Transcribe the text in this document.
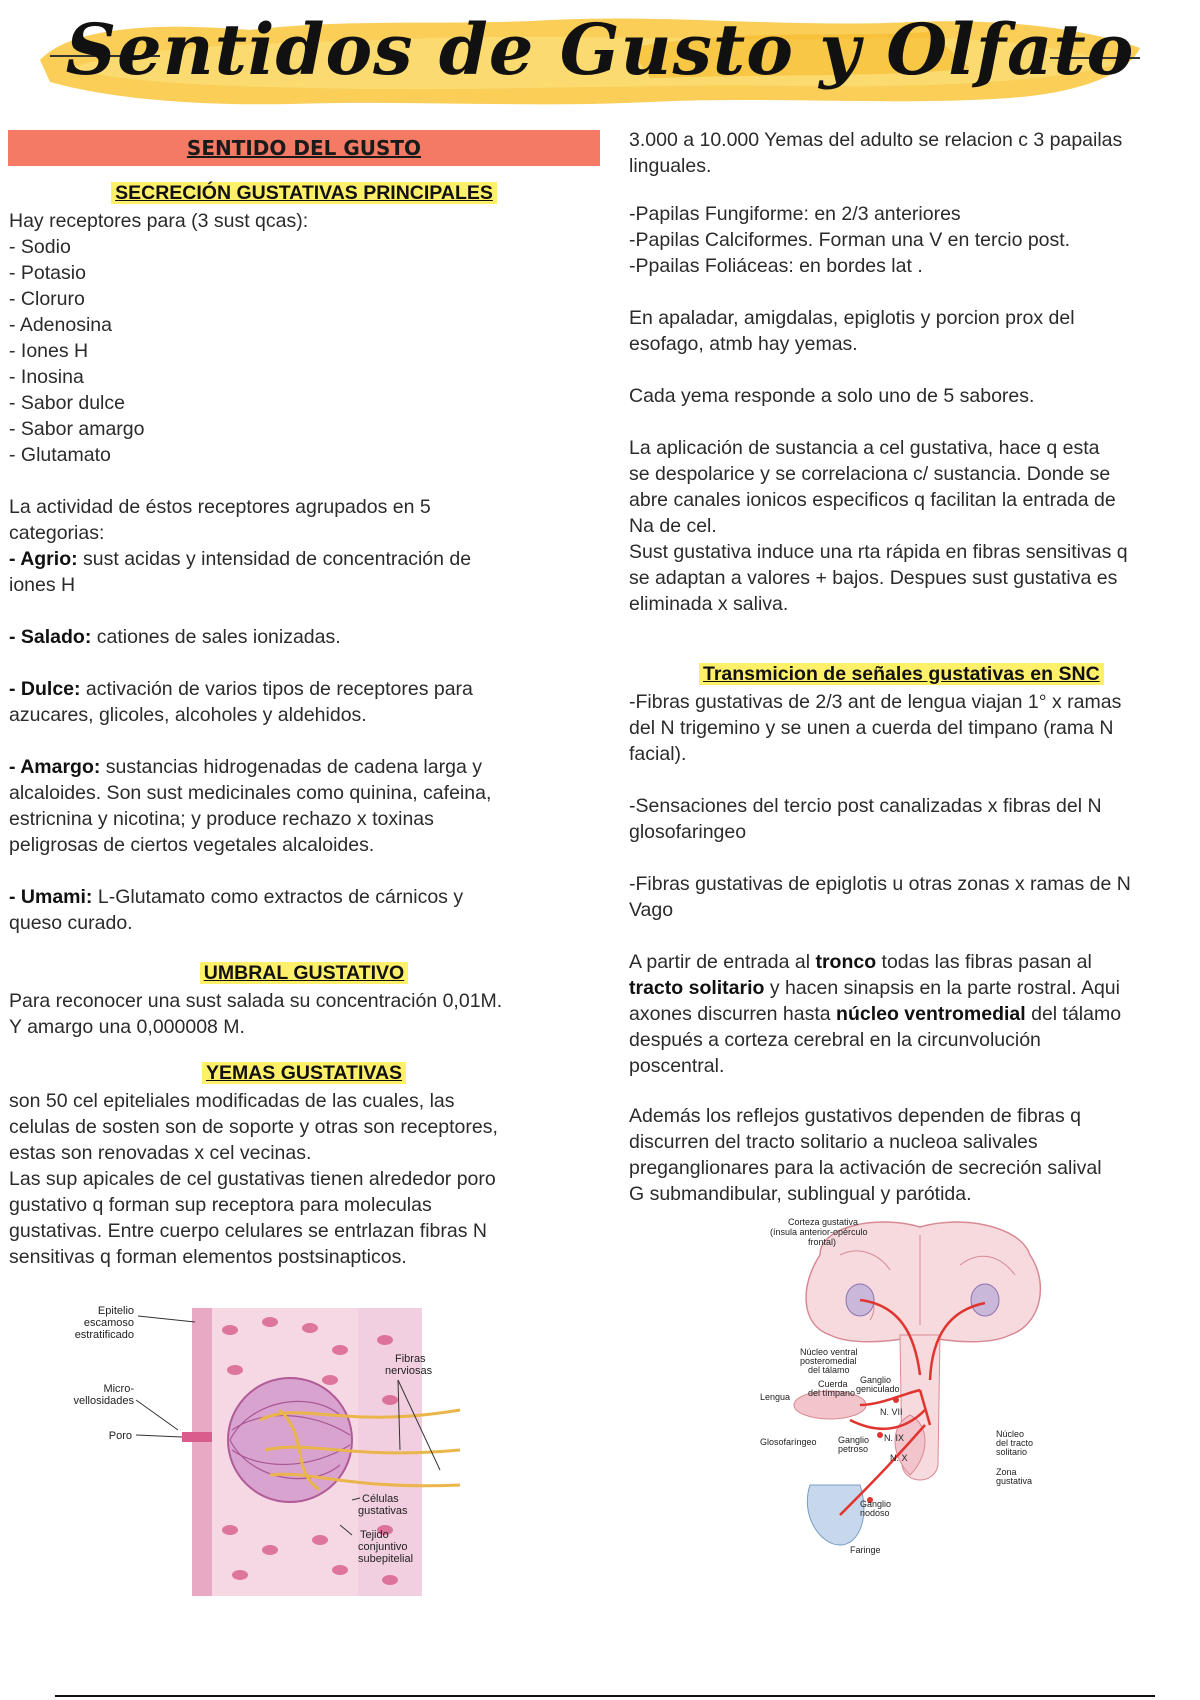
Sentidos de Gusto y Olfato
SENTIDO DEL GUSTO
SECRECIÓN GUSTATIVAS PRINCIPALES

Hay receptores para (3 sust qcas):

- Sodio

- Potasio

- Cloruro

- Adenosina

- Iones H

- Inosina

- Sabor dulce

- Sabor amargo

- Glutamato

La actividad de éstos receptores agrupados en 5

categorias:

- Agrio: sust acidas y intensidad de concentración de

iones H

- Salado: cationes de sales ionizadas.

- Dulce: activación de varios tipos de receptores para

azucares, glicoles, alcoholes y aldehidos.

- Amargo: sustancias hidrogenadas de cadena larga y

alcaloides. Son sust medicinales como quinina, cafeina,

estricnina y nicotina; y produce rechazo x toxinas

peligrosas de ciertos vegetales alcaloides.

- Umami: L-Glutamato como extractos de cárnicos y

queso curado.

UMBRAL GUSTATIVO

Para reconocer una sust salada su concentración 0,01M.

Y amargo una 0,000008 M.

YEMAS GUSTATIVAS

son 50 cel epiteliales modificadas de las cuales, las

celulas de sosten son de soporte y otras son receptores,

estas son renovadas x cel vecinas.

Las sup apicales de cel gustativas tienen alrededor poro

gustativo q forman sup receptora para moleculas

gustativas. Entre cuerpo celulares se entrlazan fibras N

sensitivas q forman elementos postsinapticos.

Epitelio
escamoso
estratificado
Micro-
vellosidades
Poro
Fibras
nerviosas
Células
gustativas
Tejido
conjuntivo
subepitelial

3.000 a 10.000 Yemas del adulto se relacion c 3 papailas

linguales.

-Papilas Fungiforme: en 2/3 anteriores

-Papilas Calciformes. Forman una V en tercio post.

-Ppailas Foliáceas: en bordes lat .

En apaladar, amigdalas, epiglotis y porcion prox del

esofago, atmb hay yemas.

Cada yema responde a solo uno de 5 sabores.

La aplicación de sustancia a cel gustativa, hace q esta

se despolarice y se correlaciona c/ sustancia. Donde se

abre canales ionicos especificos q facilitan la entrada de

Na de cel.

Sust gustativa induce una rta rápida en fibras sensitivas q

se adaptan a valores + bajos. Despues sust gustativa es

eliminada x saliva.

Transmicion de señales gustativas en SNC

-Fibras gustativas de 2/3 ant de lengua viajan 1° x ramas

del N trigemino y se unen a cuerda del timpano (rama N

facial).

-Sensaciones del tercio post canalizadas x fibras del N

glosofaringeo

-Fibras gustativas de epiglotis u otras zonas x ramas de N

Vago

A partir de entrada al tronco todas las fibras pasan al

tracto solitario y hacen sinapsis en la parte rostral. Aqui

axones discurren hasta núcleo ventromedial del tálamo

después a corteza cerebral en la circunvolución

poscentral.

Además los reflejos gustativos dependen de fibras q

discurren del tracto solitario a nucleoa salivales

preganglionares para la activación de secreción salival

G submandibular, sublingual y parótida.

Corteza gustativa
(ínsula anterior-opérculo
frontal)
Núcleo ventral
posteromedial
del tálamo
Cuerda
del tímpano
Ganglio
geniculado
Lengua
N. VII
Glosofaríngeo Ganglio
petroso
N. IX
N. X
Núcleo
del tracto
solitario
Zona
gustativa
Ganglio
nodoso
Faringe
